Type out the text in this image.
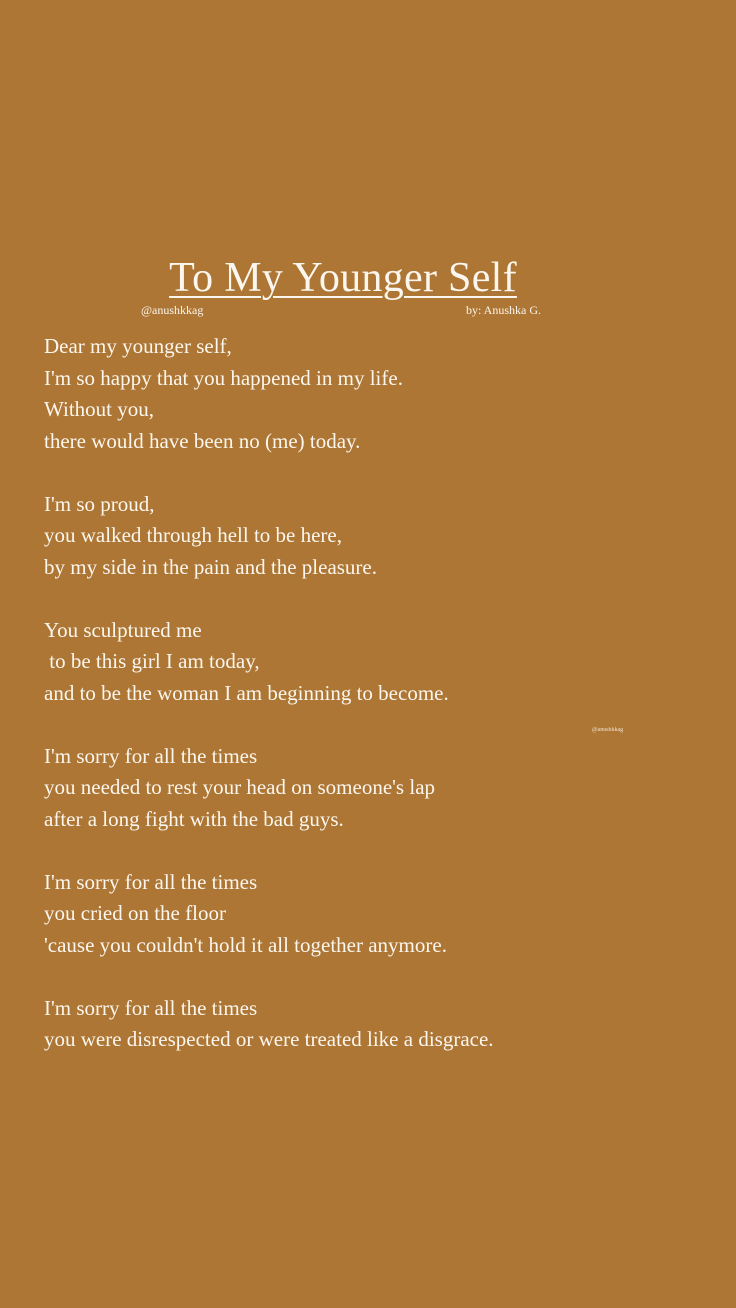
To My Younger Self
@anushkkag	by: Anushka G.
@anushkkag
Dear my younger self,
I'm so happy that you happened in my life.
Without you,
there would have been no (me) today.
I'm so proud,
you walked through hell to be here,
by my side in the pain and the pleasure.
You sculptured me
to be this girl I am today,
and to be the woman I am beginning to become.
I'm sorry for all the times
you needed to rest your head on someone's lap
after a long fight with the bad guys.
I'm sorry for all the times
you cried on the floor
'cause you couldn't hold it all together anymore.
I'm sorry for all the times
you were disrespected or were treated like a disgrace.
